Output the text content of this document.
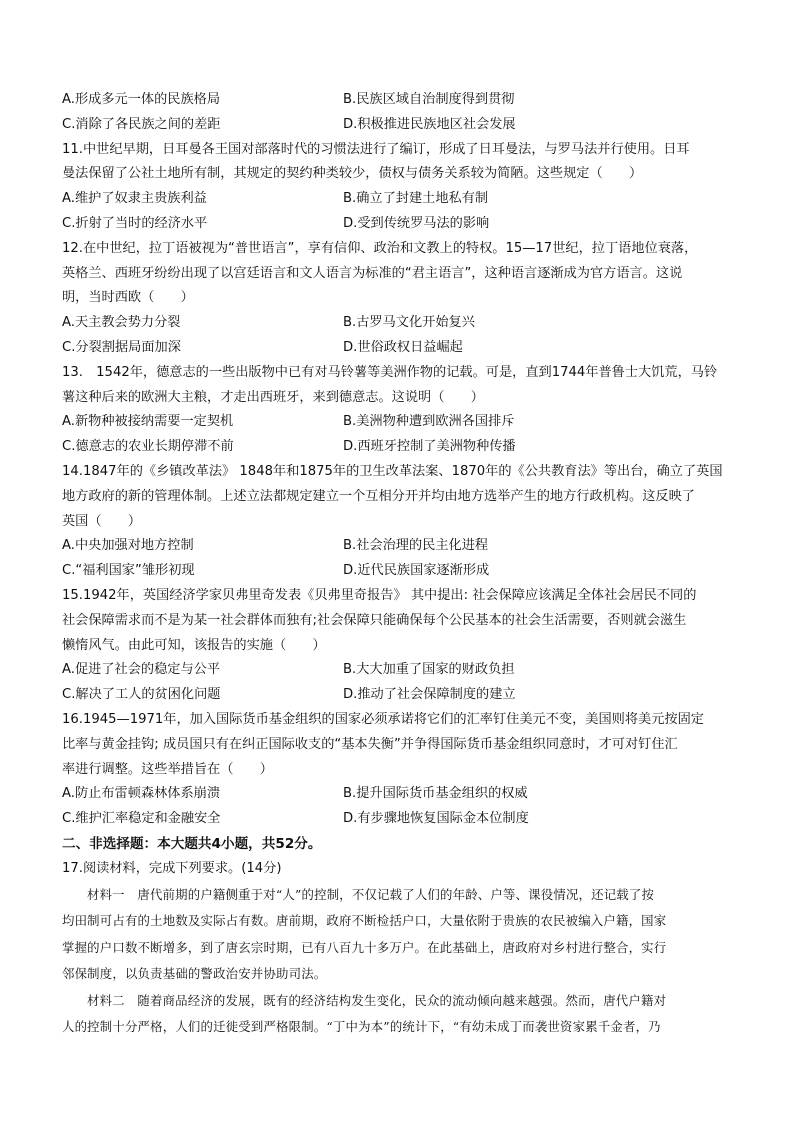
A.形成多元一体的民族格局	B.民族区域自治制度得到贯彻
C.消除了各民族之间的差距	D.积极推进民族地区社会发展
11.中世纪早期，日耳曼各王国对部落时代的习惯法进行了编订，形成了日耳曼法，与罗马法并行使用。日耳
曼法保留了公社土地所有制，其规定的契约种类较少，债权与债务关系较为简陋。这些规定（　　）
A.维护了奴隶主贵族利益	B.确立了封建土地私有制
C.折射了当时的经济水平	D.受到传统罗马法的影响
12.在中世纪，拉丁语被视为“普世语言”，享有信仰、政治和文教上的特权。15—17世纪，拉丁语地位衰落，
英格兰、西班牙纷纷出现了以宫廷语言和文人语言为标准的“君主语言”，这种语言逐渐成为官方语言。这说
明，当时西欧（　　）
A.天主教会势力分裂	B.古罗马文化开始复兴
C.分裂割据局面加深	D.世俗政权日益崛起
13.　1542年，德意志的一些出版物中已有对马铃薯等美洲作物的记载。可是，直到1744年普鲁士大饥荒，马铃
薯这种后来的欧洲大主粮，才走出西班牙，来到德意志。这说明（　　）
A.新物种被接纳需要一定契机	B.美洲物种遭到欧洲各国排斥
C.德意志的农业长期停滞不前	D.西班牙控制了美洲物种传播
14.1847年的《乡镇改革法》 1848年和1875年的卫生改革法案、1870年的《公共教育法》等出台，确立了英国
地方政府的新的管理体制。上述立法都规定建立一个互相分开并均由地方选举产生的地方行政机构。这反映了
英国（　　）
A.中央加强对地方控制	B.社会治理的民主化进程
C.“福利国家”雏形初现	D.近代民族国家逐渐形成
15.1942年，英国经济学家贝弗里奇发表《贝弗里奇报告》 其中提出: 社会保障应该满足全体社会居民不同的
社会保障需求而不是为某一社会群体而独有;社会保障只能确保每个公民基本的社会生活需要，否则就会滋生
懒惰风气。由此可知，该报告的实施（　　）
A.促进了社会的稳定与公平	B.大大加重了国家的财政负担
C.解决了工人的贫困化问题	D.推动了社会保障制度的建立
16.1945—1971年，加入国际货币基金组织的国家必须承诺将它们的汇率钉住美元不变，美国则将美元按固定
比率与黄金挂钩; 成员国只有在纠正国际收支的“基本失衡”并争得国际货币基金组织同意时，才可对钉住汇
率进行调整。这些举措旨在（　　）
A.防止布雷顿森林体系崩溃	B.提升国际货币基金组织的权威
C.维护汇率稳定和金融安全	D.有步骤地恢复国际金本位制度
二、非选择题：本大题共4小题，共52分。
17.阅读材料，完成下列要求。(14分)
材料一　唐代前期的户籍侧重于对“人”的控制，不仅记载了人们的年龄、户等、课役情况，还记载了按
均田制可占有的土地数及实际占有数。唐前期，政府不断检括户口，大量依附于贵族的农民被编入户籍，国家
掌握的户口数不断增多，到了唐玄宗时期，已有八百九十多万户。在此基础上，唐政府对乡村进行整合，实行
邻保制度，以负责基础的警政治安并协助司法。
材料二　随着商品经济的发展，既有的经济结构发生变化，民众的流动倾向越来越强。然而，唐代户籍对
人的控制十分严格，人们的迁徙受到严格限制。“丁中为本”的统计下，“有幼未成丁而袭世资家累千金者，乃
